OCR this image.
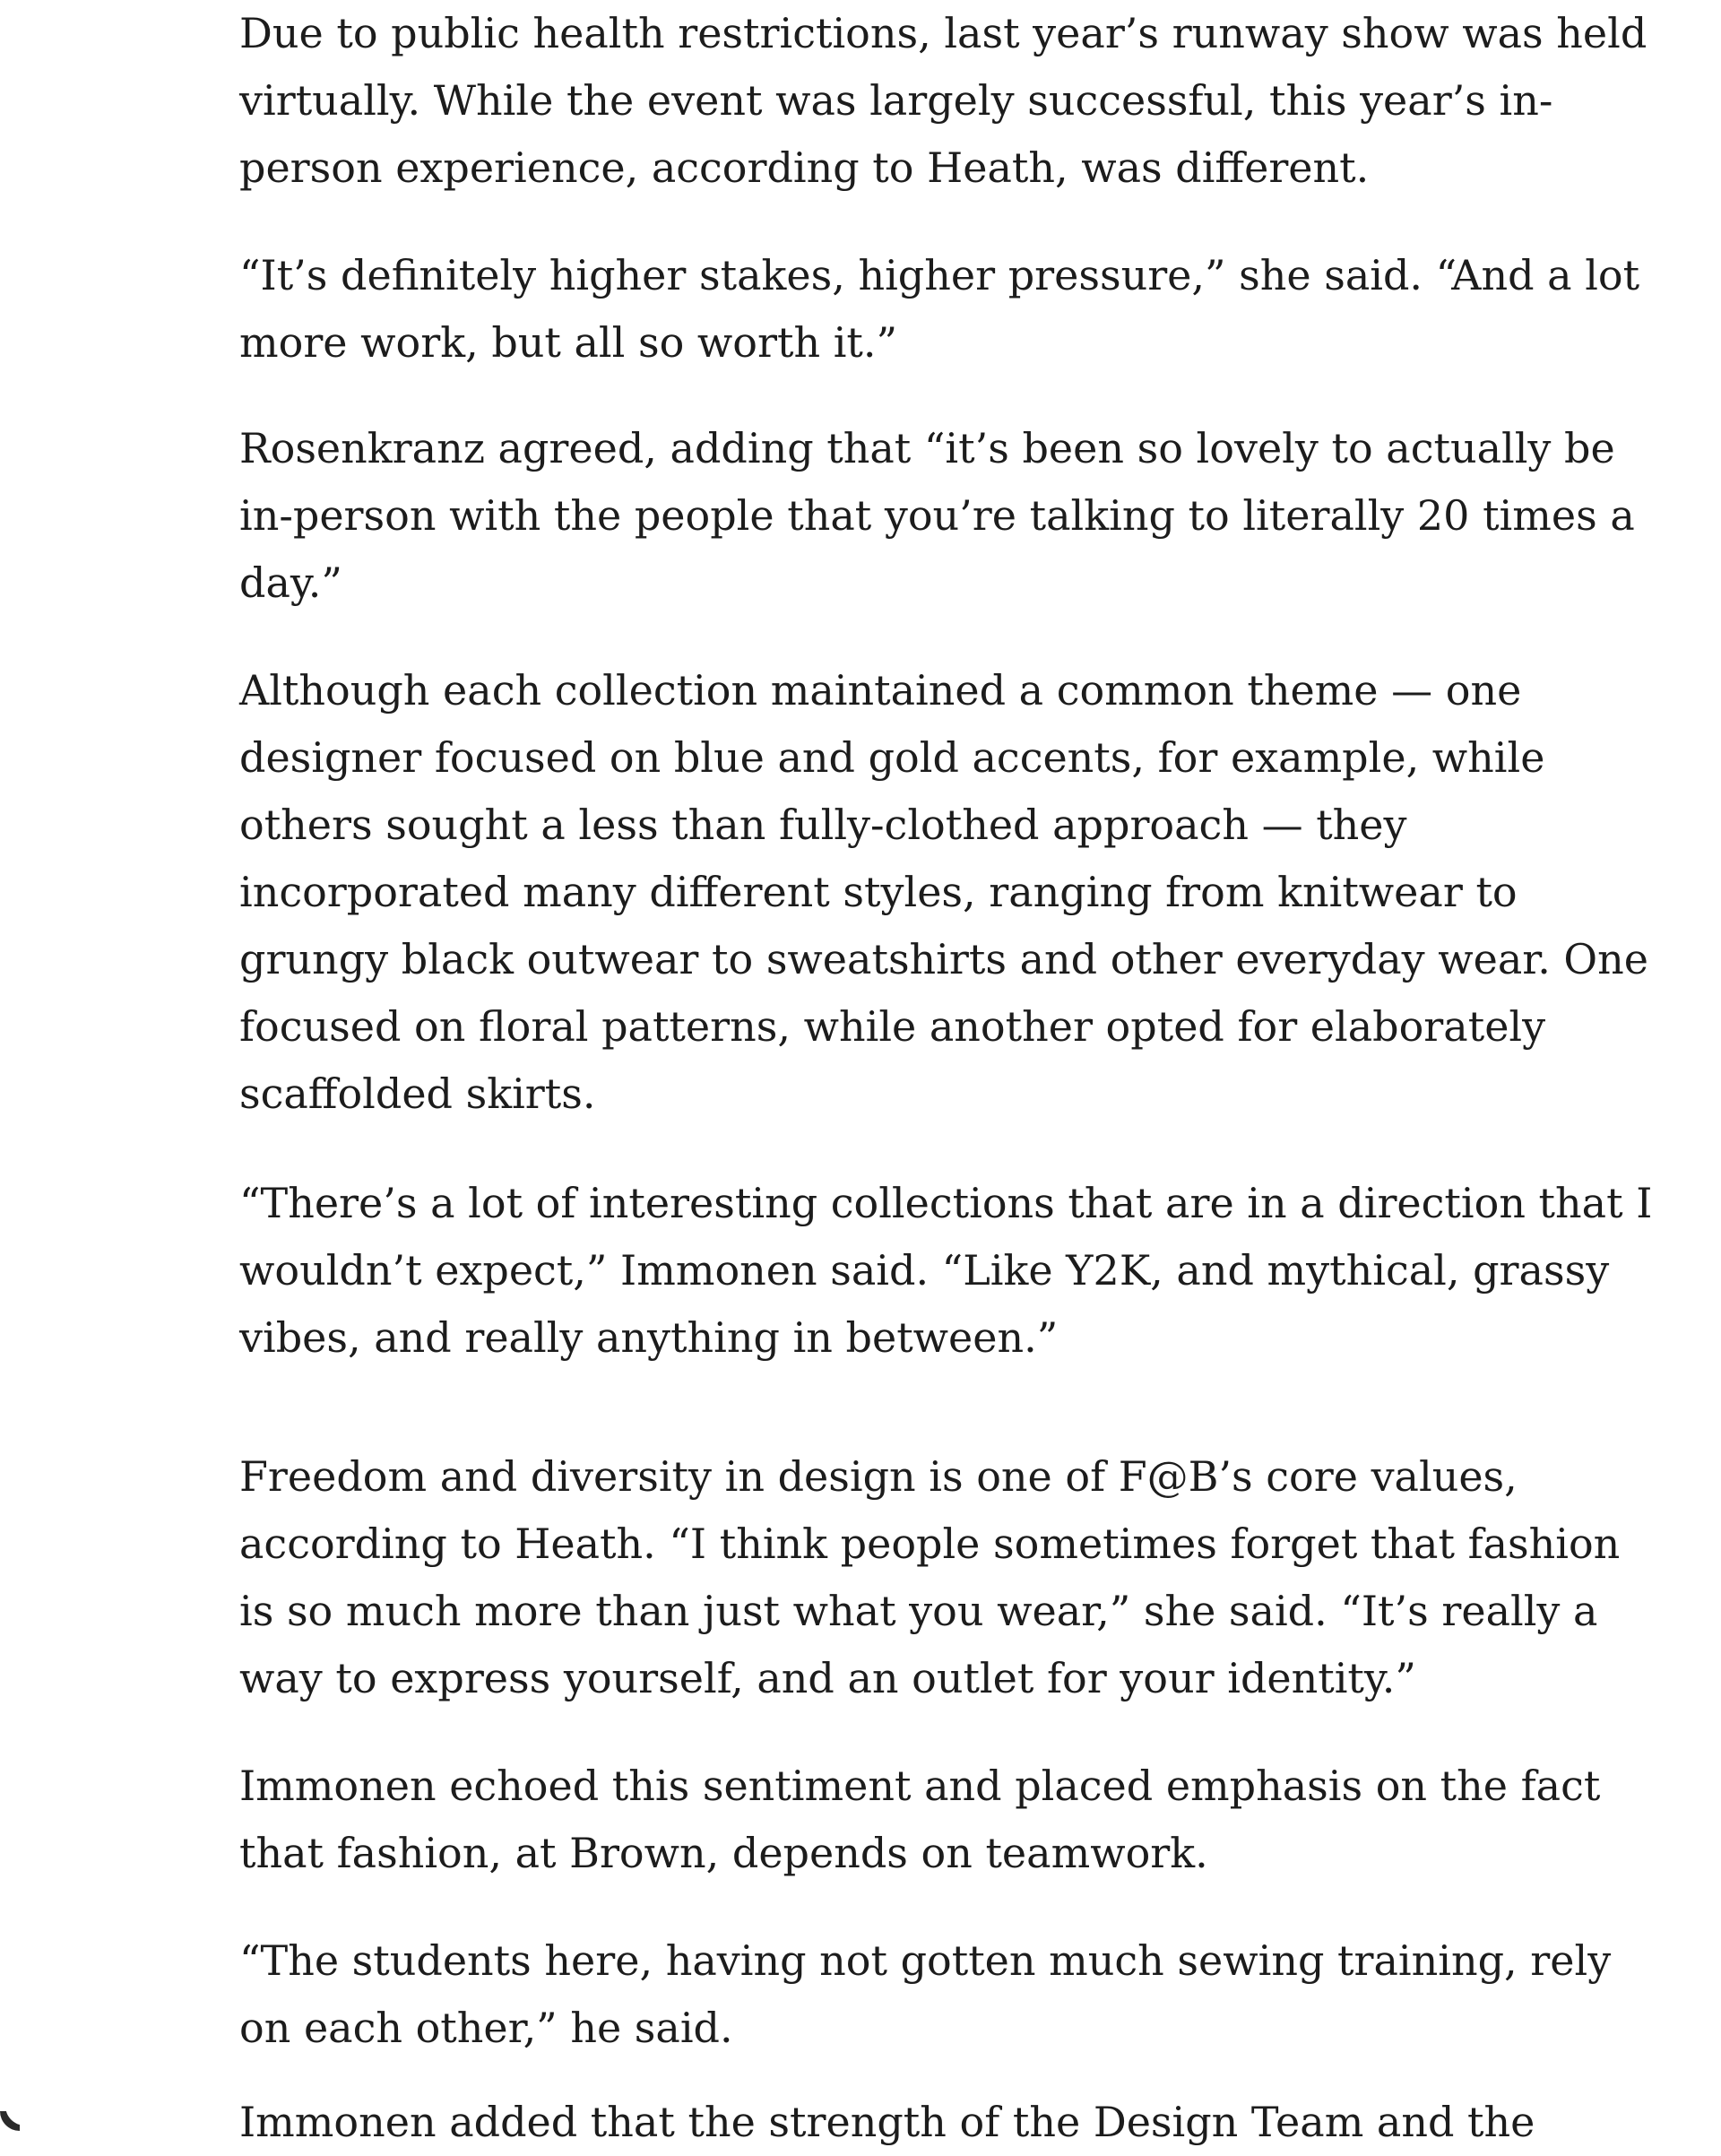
Due to public health restrictions, last year’s runway show was held
virtually. While the event was largely successful, this year’s in-
person experience, according to Heath, was different.

“It’s definitely higher stakes, higher pressure,” she said. “And a lot
more work, but all so worth it.”

Rosenkranz agreed, adding that “it’s been so lovely to actually be
in-person with the people that you’re talking to literally 20 times a
day.”

Although each collection maintained a common theme — one
designer focused on blue and gold accents, for example, while
others sought a less than fully-clothed approach — they
incorporated many different styles, ranging from knitwear to
grungy black outwear to sweatshirts and other everyday wear. One
focused on floral patterns, while another opted for elaborately
scaffolded skirts.

“There’s a lot of interesting collections that are in a direction that I
wouldn’t expect,” Immonen said. “Like Y2K, and mythical, grassy
vibes, and really anything in between.”

Freedom and diversity in design is one of F@B’s core values,
according to Heath. “I think people sometimes forget that fashion
is so much more than just what you wear,” she said. “It’s really a
way to express yourself, and an outlet for your identity.”

Immonen echoed this sentiment and placed emphasis on the fact
that fashion, at Brown, depends on teamwork.

“The students here, having not gotten much sewing training, rely
on each other,” he said.

Immonen added that the strength of the Design Team and the
